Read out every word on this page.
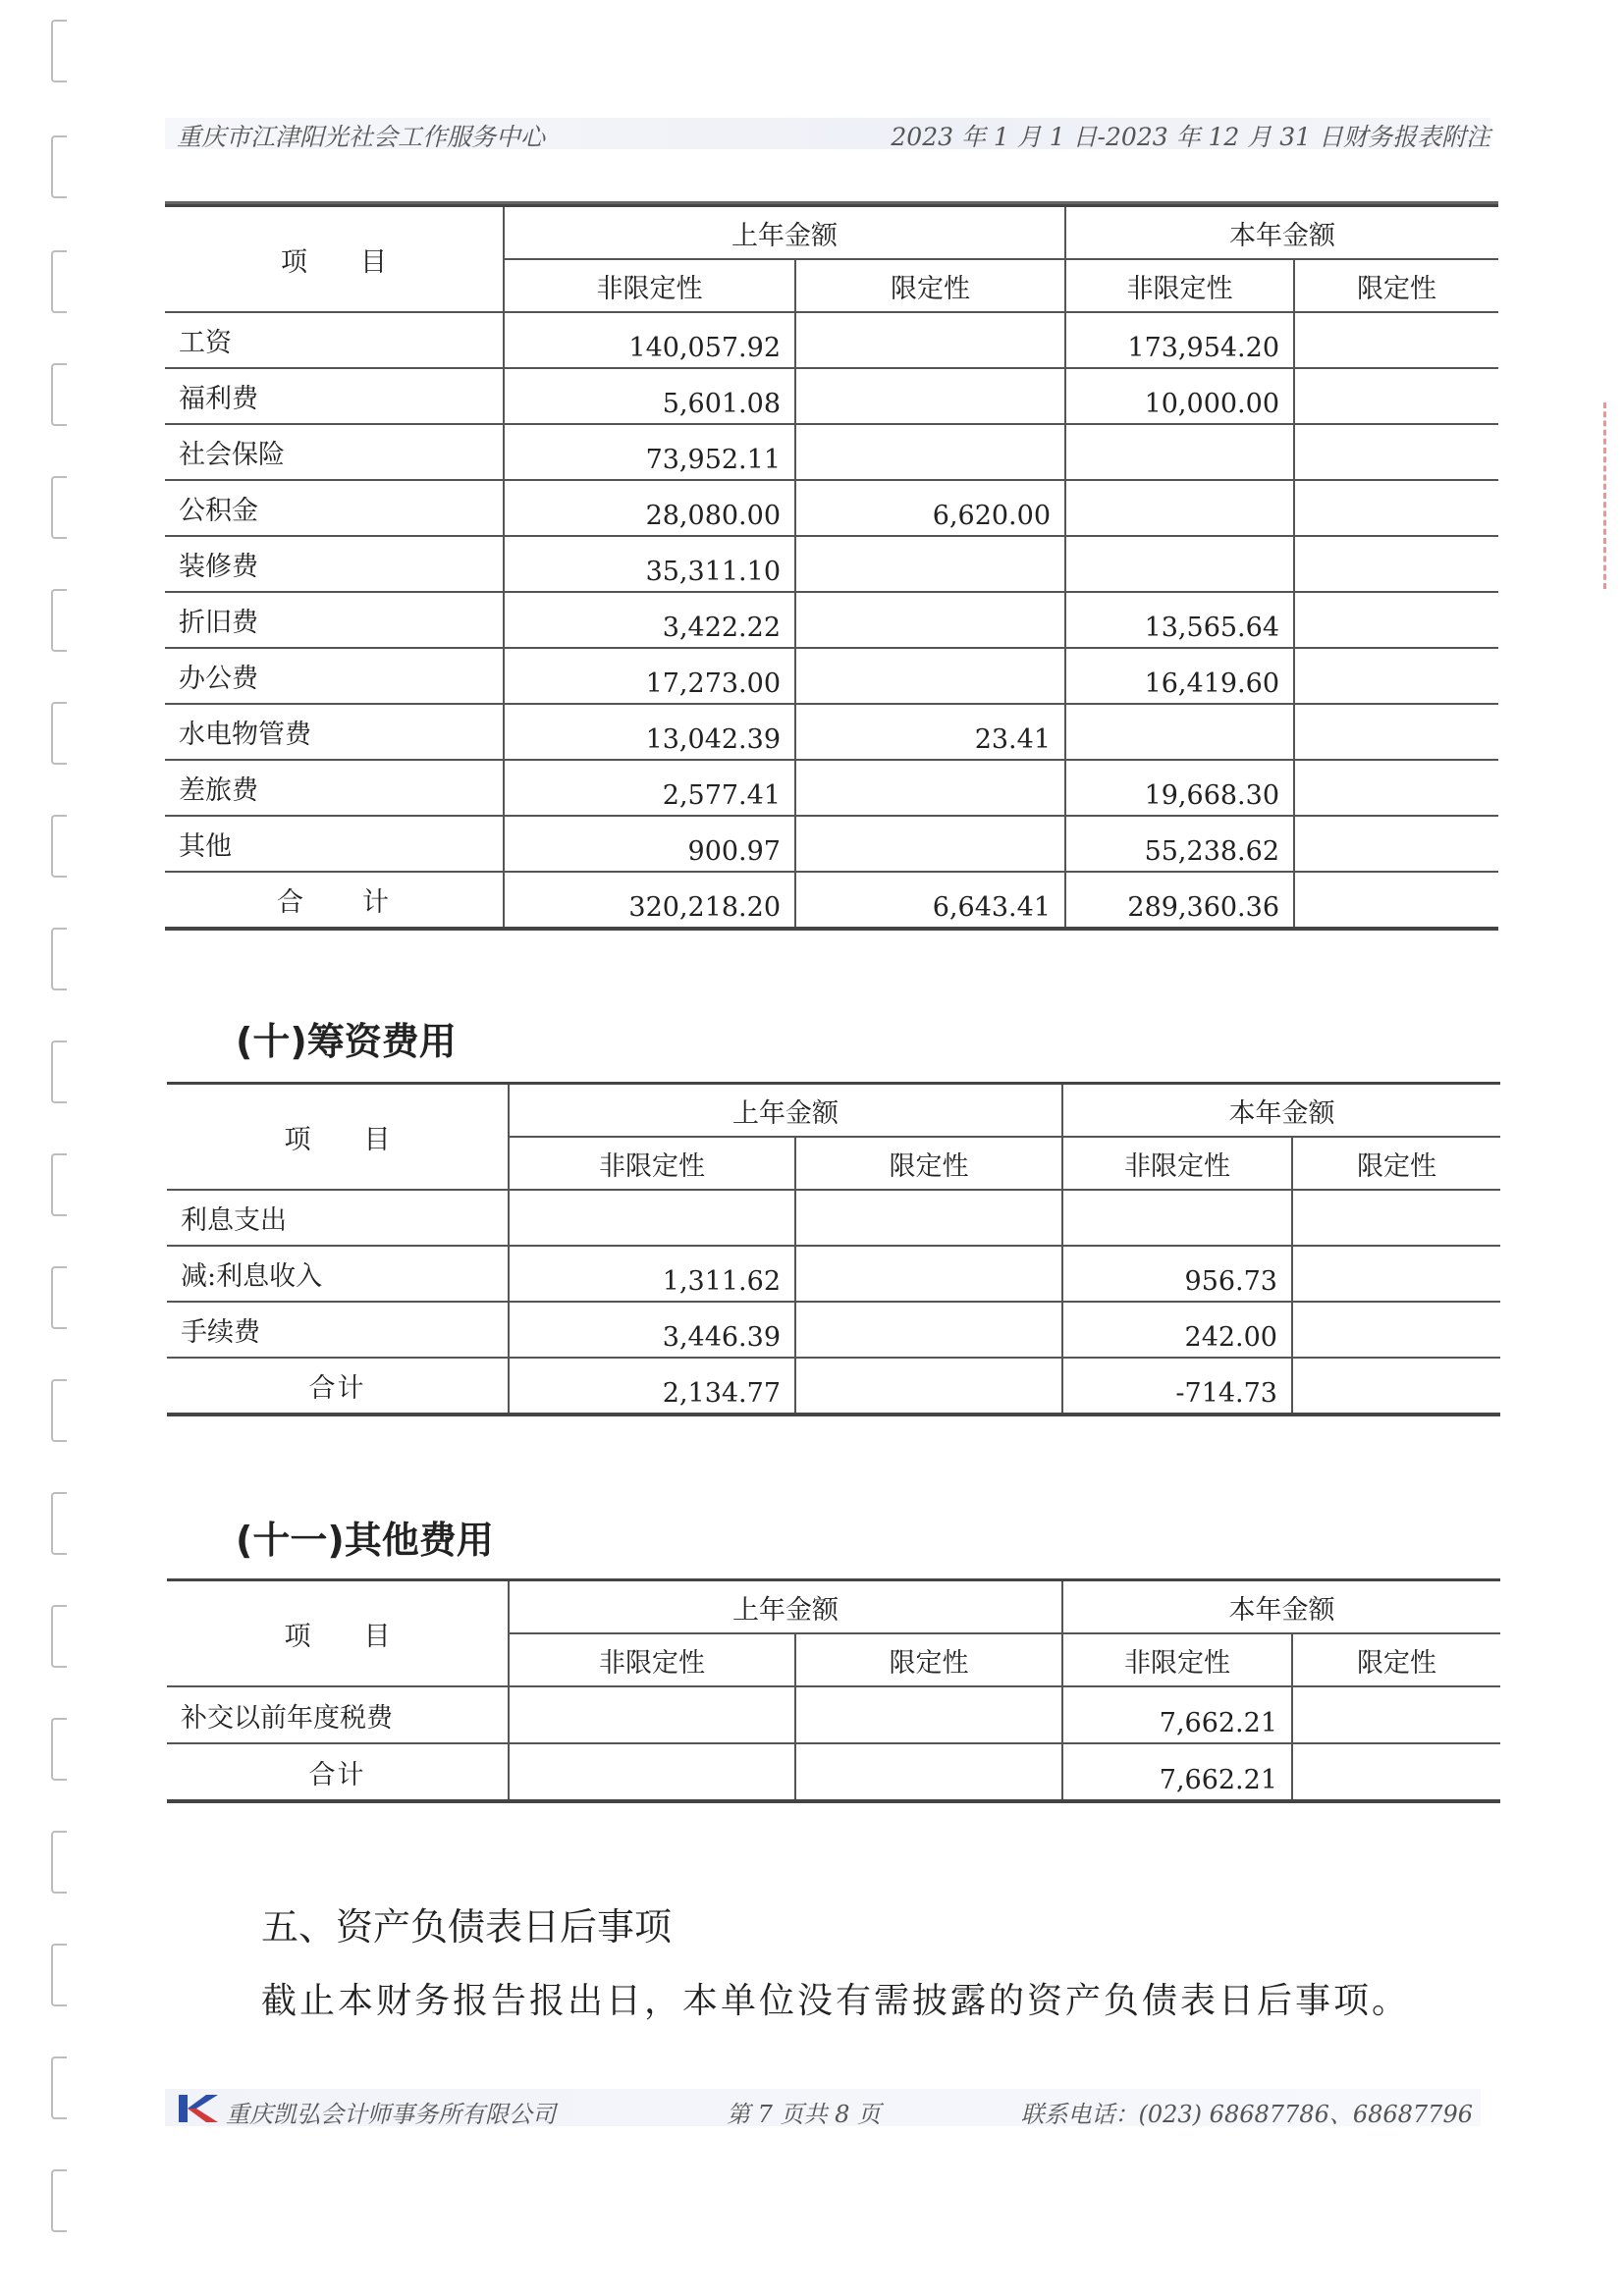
重庆市江津阳光社会工作服务中心	2023 年 1 月 1 日-2023 年 12 月 31 日财务报表附注
项　　目	上年金额		本年金额	
	非限定性	限定性	非限定性	限定性
工资	140,057.92		173,954.20	
福利费	5,601.08		10,000.00	
社会保险	73,952.11			
公积金	28,080.00	6,620.00		
装修费	35,311.10			
折旧费	3,422.22		13,565.64	
办公费	17,273.00		16,419.60	
水电物管费	13,042.39	23.41		
差旅费	2,577.41		19,668.30	
其他	900.97		55,238.62	
合　　计	320,218.20	6,643.41	289,360.36	
(十)筹资费用
项　　目	上年金额		本年金额	
	非限定性	限定性	非限定性	限定性
利息支出				
减:利息收入	1,311.62		956.73	
手续费	3,446.39		242.00	
合计	2,134.77		-714.73	
(十一)其他费用
项　　目	上年金额		本年金额	
	非限定性	限定性	非限定性	限定性
补交以前年度税费			7,662.21	
合计			7,662.21	
五、资产负债表日后事项
截止本财务报告报出日，本单位没有需披露的资产负债表日后事项。
重庆凯弘会计师事务所有限公司	第 7 页共 8 页	联系电话：(023) 68687786、68687796
